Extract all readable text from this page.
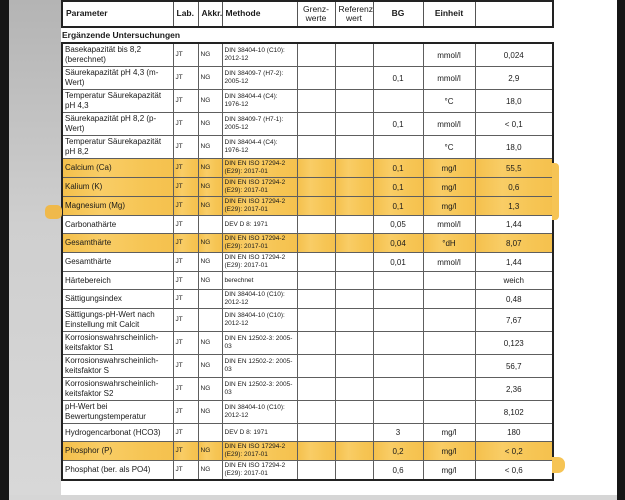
Parameter	Lab.	Akkr.	Methode	Grenz-werte	Referenz wert	BG	Einheit	
Ergänzende Untersuchungen
Basekapazität bis 8,2 (berechnet)	JT	NG	DIN 38404-10 (C10): 2012-12				mmol/l	0,024
Säurekapazität pH 4,3 (m-Wert)	JT	NG	DIN 38409-7 (H7-2): 2005-12			0,1	mmol/l	2,9
Temperatur Säurekapazität pH 4,3	JT	NG	DIN 38404-4 (C4): 1976-12				°C	18,0
Säurekapazität pH 8,2 (p-Wert)	JT	NG	DIN 38409-7 (H7-1): 2005-12			0,1	mmol/l	< 0,1
Temperatur Säurekapazität pH 8,2	JT	NG	DIN 38404-4 (C4): 1976-12				°C	18,0
Calcium (Ca)	JT	NG	DIN EN ISO 17294-2 (E29): 2017-01			0,1	mg/l	55,5
Kalium (K)	JT	NG	DIN EN ISO 17294-2 (E29): 2017-01			0,1	mg/l	0,6
Magnesium (Mg)	JT	NG	DIN EN ISO 17294-2 (E29): 2017-01			0,1	mg/l	1,3
Carbonathärte	JT		DEV D 8: 1971			0,05	mmol/l	1,44
Gesamthärte	JT	NG	DIN EN ISO 17294-2 (E29): 2017-01			0,04	°dH	8,07
Gesamthärte	JT	NG	DIN EN ISO 17294-2 (E29): 2017-01			0,01	mmol/l	1,44
Härtebereich	JT	NG	berechnet					weich
Sättigungsindex	JT		DIN 38404-10 (C10): 2012-12					0,48
Sättigungs-pH-Wert nach Einstellung mit Calcit	JT		DIN 38404-10 (C10): 2012-12					7,67
Korrosionswahrscheinlich-keitsfaktor S1	JT	NG	DIN EN 12502-3: 2005-03					0,123
Korrosionswahrscheinlich-keitsfaktor S	JT	NG	DIN EN 12502-2: 2005-03					56,7
Korrosionswahrscheinlich-keitsfaktor S2	JT	NG	DIN EN 12502-3: 2005-03					2,36
pH-Wert bei Bewertungstemperatur	JT	NG	DIN 38404-10 (C10): 2012-12					8,102
Hydrogencarbonat (HCO3)	JT		DEV D 8: 1971			3	mg/l	180
Phosphor (P)	JT	NG	DIN EN ISO 17294-2 (E29): 2017-01			0,2	mg/l	< 0,2
Phosphat (ber. als PO4)	JT	NG	DIN EN ISO 17294-2 (E29): 2017-01			0,6	mg/l	< 0,6
